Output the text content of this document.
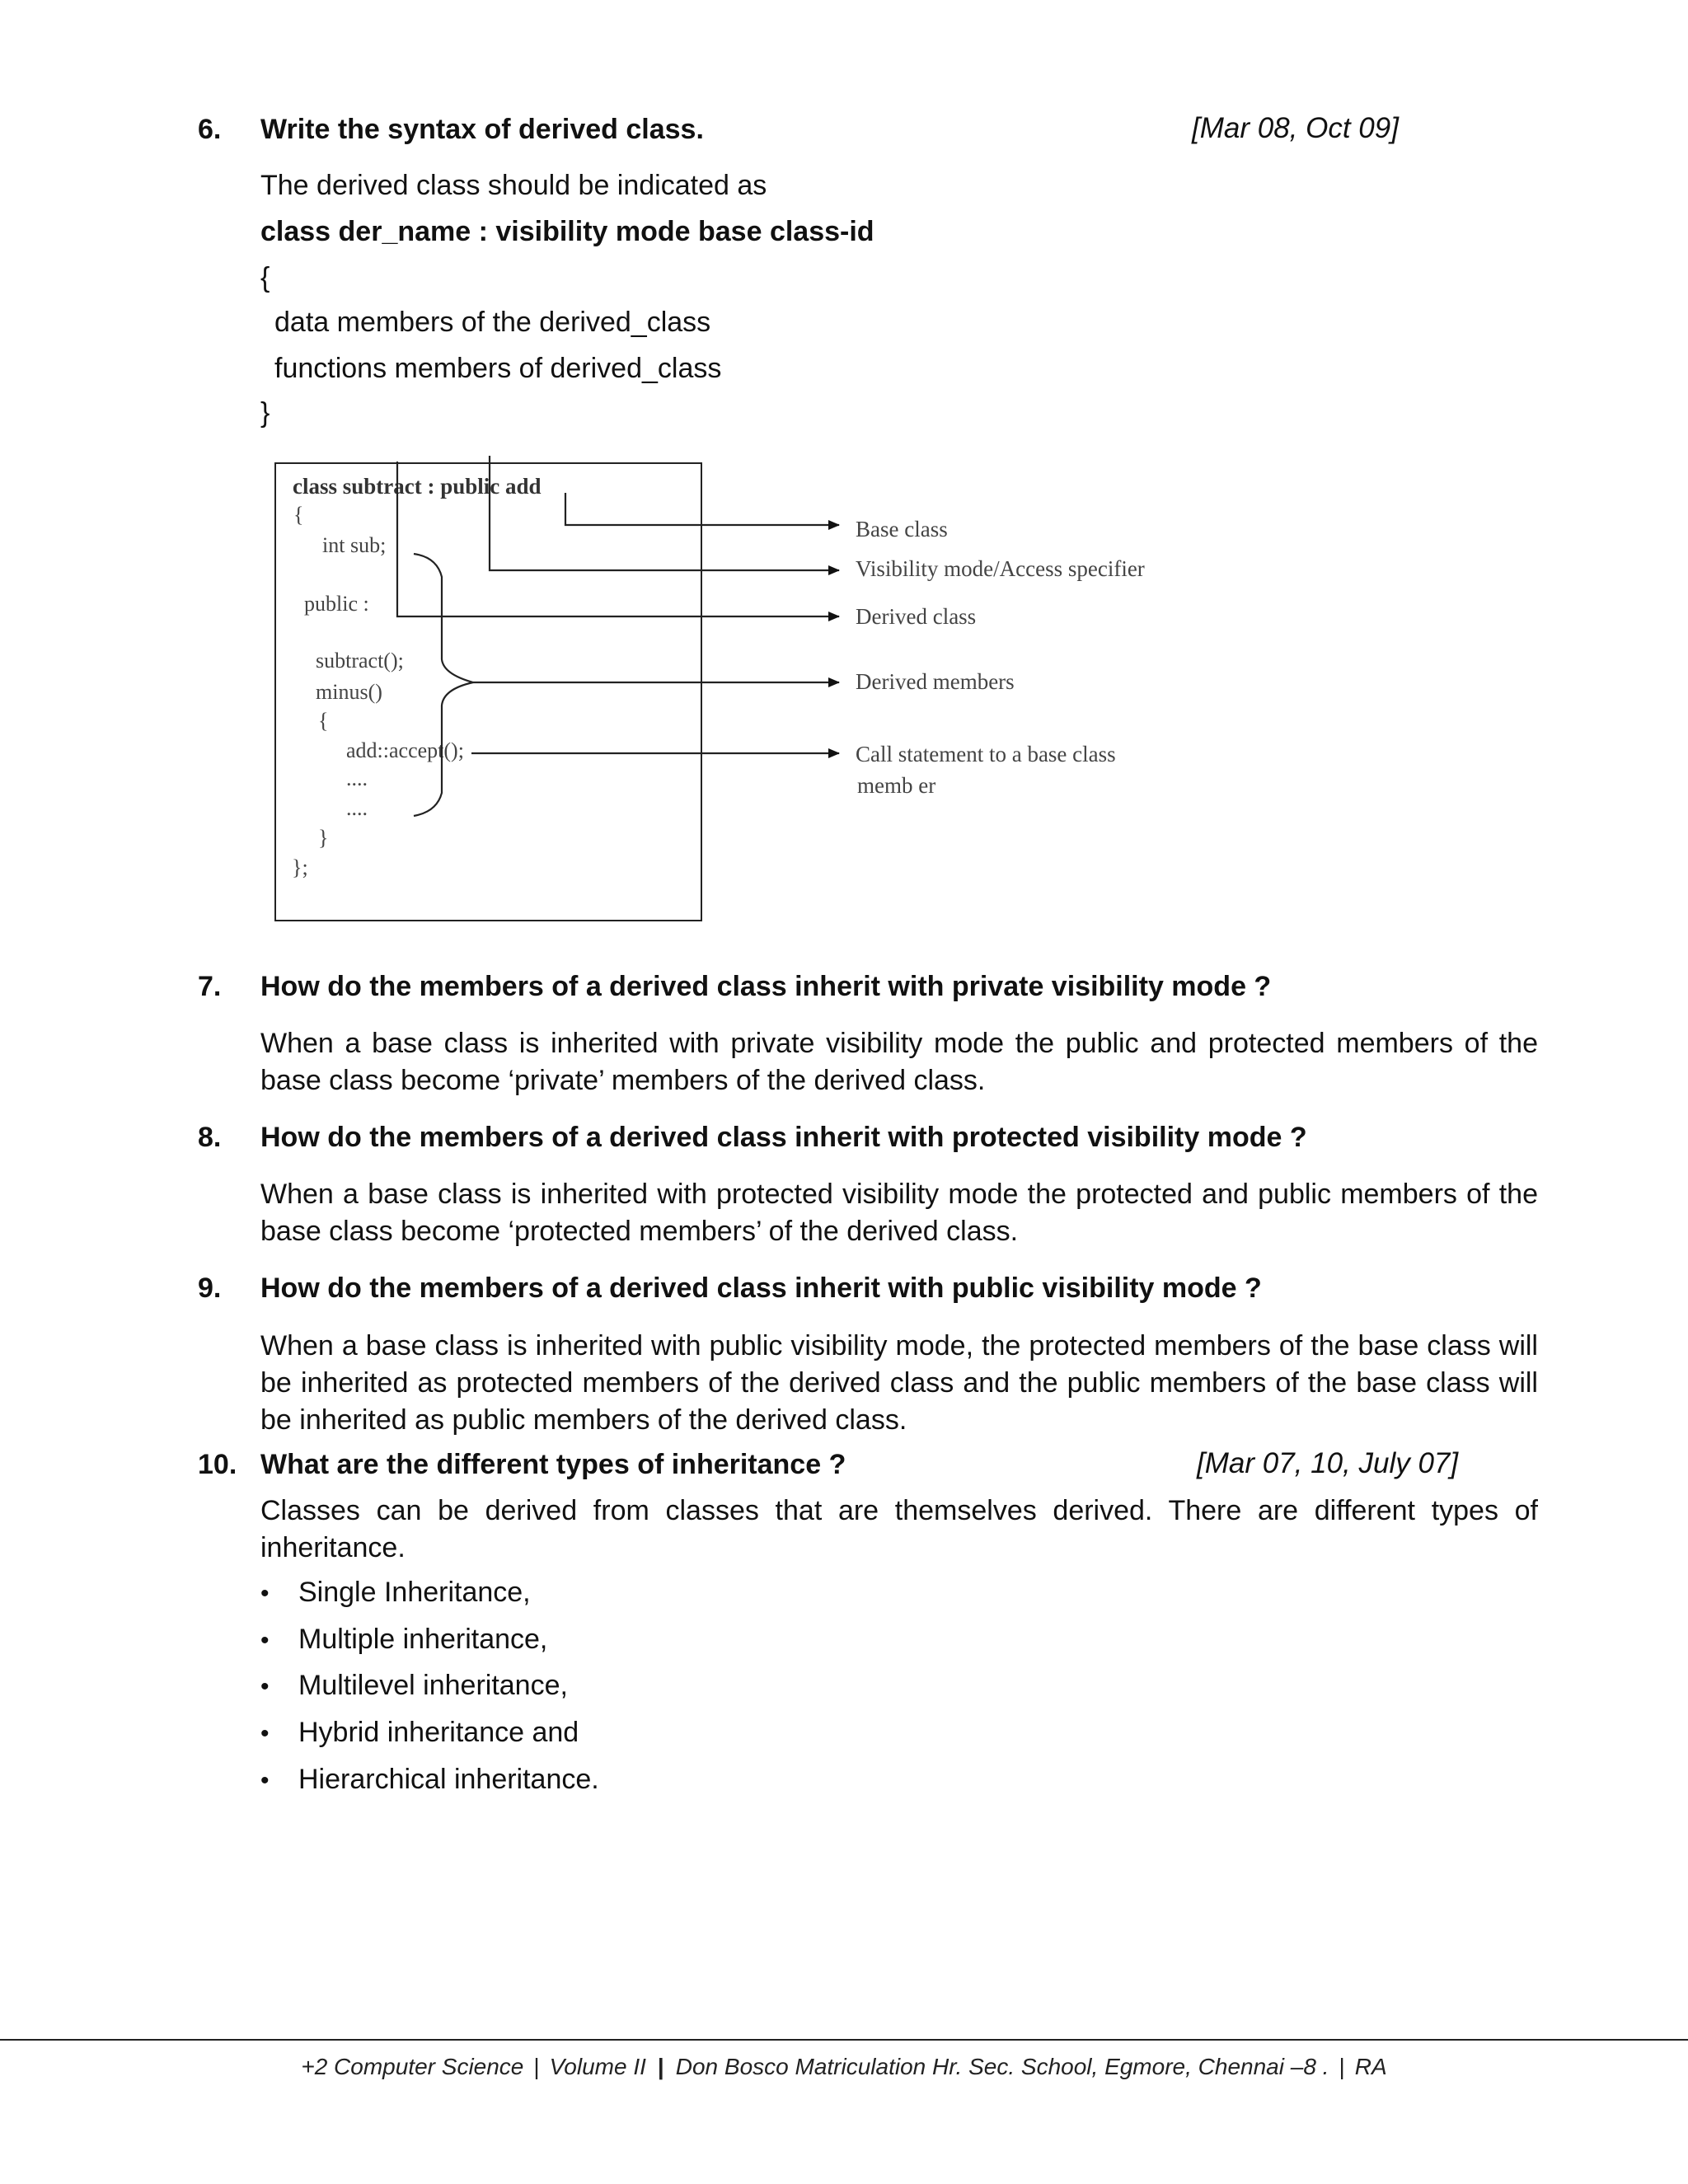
6. Write the syntax of derived class.	[Mar 08, Oct 09]
The derived class should be indicated as
class der_name : visibility mode base class-id
{
data members of the derived_class
functions members of derived_class
}
class subtract : public add
{
int sub;
public :
subtract();
minus()
{
add::accept();
....
....
}
};
Base class
Visibility mode/Access specifier
Derived class
Derived members
Call statement to a base class
memb er
7. How do the members of a derived class inherit with private visibility mode ?
When a base class is inherited with private visibility mode the public and protected members of the base class become ‘private’ members of the derived class.
8. How do the members of a derived class inherit with protected visibility mode ?
When a base class is inherited with protected visibility mode the protected and public members of the base class become ‘protected members’ of the derived class.
9. How do the members of a derived class inherit with public visibility mode ?
When a base class is inherited with public visibility mode, the protected members of the base class will be inherited as protected members of the derived class and the public members of the base class will be inherited as public members of the derived class.
10. What are the different types of inheritance ?	[Mar 07, 10, July 07]
Classes can be derived from classes that are themselves derived. There are different types of inheritance.
• Single Inheritance,
• Multiple inheritance,
• Multilevel inheritance,
• Hybrid inheritance and
• Hierarchical inheritance.
+2 Computer Science | Volume II | Don Bosco Matriculation Hr. Sec. School, Egmore, Chennai –8 . | RA
